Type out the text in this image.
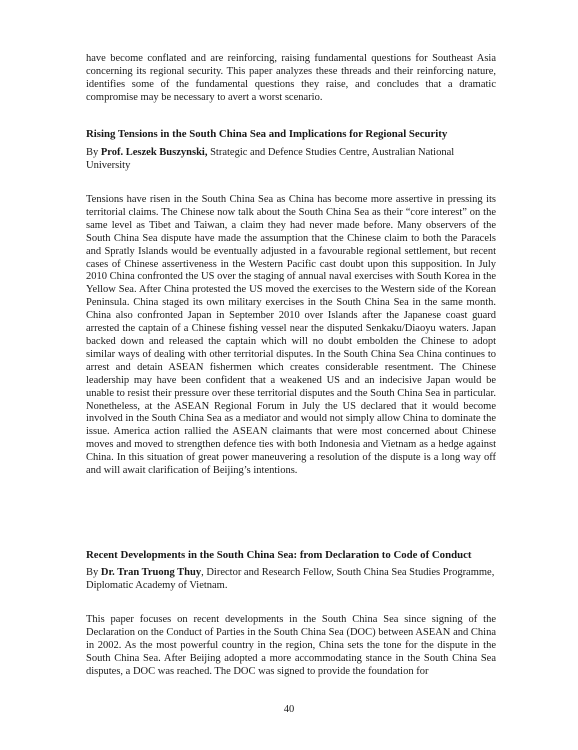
have become conflated and are reinforcing, raising fundamental questions for Southeast Asia concerning its regional security. This paper analyzes these threads and their reinforcing nature, identifies some of the fundamental questions they raise, and concludes that a dramatic compromise may be necessary to avert a worst scenario.

Rising Tensions in the South China Sea and Implications for Regional Security

By Prof. Leszek Buszynski, Strategic and Defence Studies Centre, Australian National University

Tensions have risen in the South China Sea as China has become more assertive in pressing its territorial claims. The Chinese now talk about the South China Sea as their “core interest” on the same level as Tibet and Taiwan, a claim they had never made before. Many observers of the South China Sea dispute have made the assumption that the Chinese claim to both the Paracels and Spratly Islands would be eventually adjusted in a favourable regional settlement, but recent cases of Chinese assertiveness in the Western Pacific cast doubt upon this supposition. In July 2010 China confronted the US over the staging of annual naval exercises with South Korea in the Yellow Sea. After China protested the US moved the exercises to the Western side of the Korean Peninsula. China staged its own military exercises in the South China Sea in the same month. China also confronted Japan in September 2010 over Islands after the Japanese coast guard arrested the captain of a Chinese fishing vessel near the disputed Senkaku/Diaoyu waters. Japan backed down and released the captain which will no doubt embolden the Chinese to adopt similar ways of dealing with other territorial disputes. In the South China Sea China continues to arrest and detain ASEAN fishermen which creates considerable resentment. The Chinese leadership may have been confident that a weakened US and an indecisive Japan would be unable to resist their pressure over these territorial disputes and the South China Sea in particular. Nonetheless, at the ASEAN Regional Forum in July the US declared that it would become involved in the South China Sea as a mediator and would not simply allow China to dominate the issue. America action rallied the ASEAN claimants that were most concerned about Chinese moves and moved to strengthen defence ties with both Indonesia and Vietnam as a hedge against China. In this situation of great power maneuvering a resolution of the dispute is a long way off and will await clarification of Beijing’s intentions.

Recent Developments in the South China Sea: from Declaration to Code of Conduct

By Dr. Tran Truong Thuy, Director and Research Fellow, South China Sea Studies Programme, Diplomatic Academy of Vietnam.

This paper focuses on recent developments in the South China Sea since signing of the Declaration on the Conduct of Parties in the South China Sea (DOC) between ASEAN and China in 2002. As the most powerful country in the region, China sets the tone for the dispute in the South China Sea. After Beijing adopted a more accommodating stance in the South China Sea disputes, a DOC was reached. The DOC was signed to provide the foundation for

40
